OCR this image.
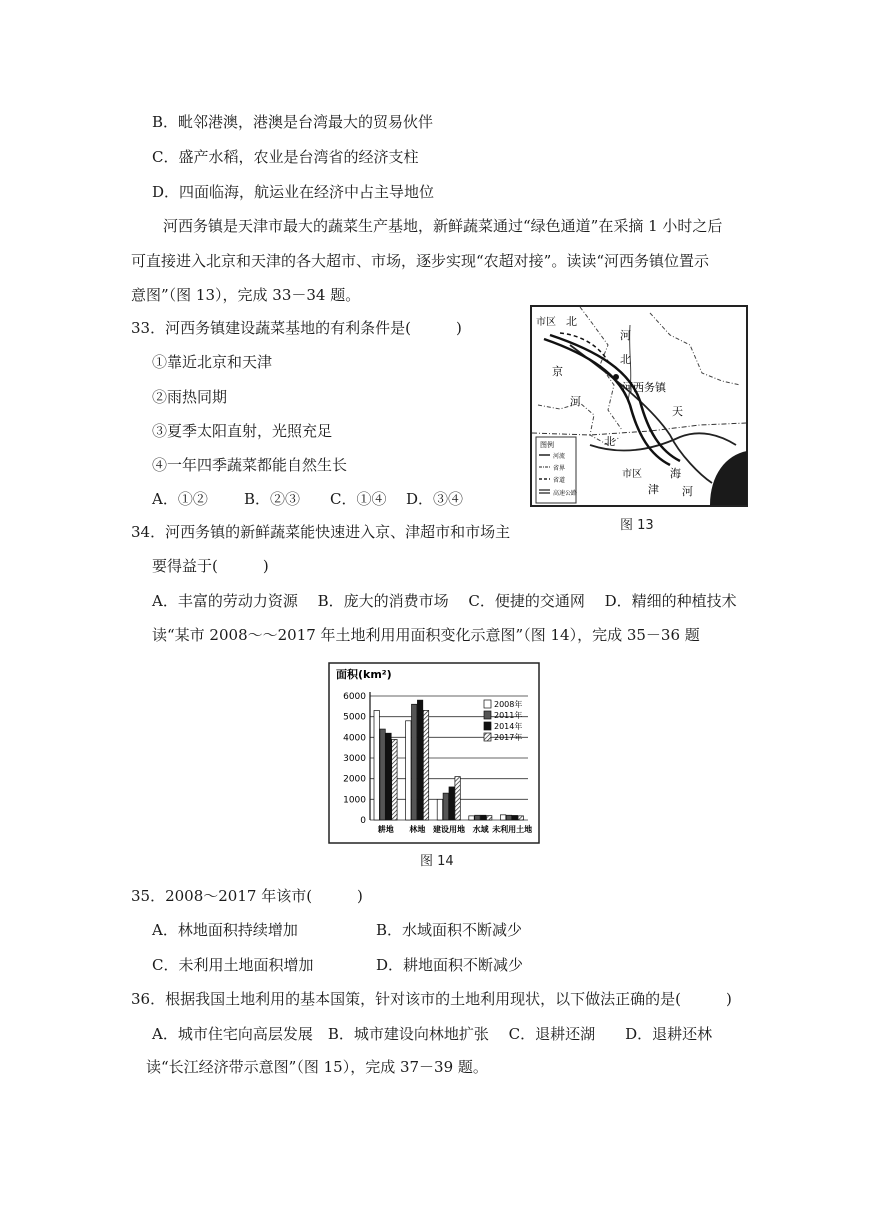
B．毗邻港澳，港澳是台湾最大的贸易伙伴
C．盛产水稻，农业是台湾省的经济支柱
D．四面临海，航运业在经济中占主导地位
河西务镇是天津市最大的蔬菜生产基地，新鲜蔬菜通过“绿色通道”在采摘 1 小时之后
可直接进入北京和天津的各大超市、市场，逐步实现“农超对接”。读读“河西务镇位置示
意图”（图 13），完成 33－34 题。
33．河西务镇建设蔬菜基地的有利条件是(　　　)
①靠近北京和天津
②雨热同期
③夏季太阳直射，光照充足
④一年四季蔬菜都能自然生长
A．①② B．②③ C．①④ D．③④
市区 北
河
北
京
河西务镇
河
天
北
市区
津
海
河
图例
河流
省界
省道
高速公路
图 13
34．河西务镇的新鲜蔬菜能快速进入京、津超市和市场主
要得益于(　　　)
A．丰富的劳动力资源　 B．庞大的消费市场　 C．便捷的交通网　 D．精细的种植技术
读“某市 2008～～2017 年土地利用用面积变化示意图”（图 14），完成 35－36 题
面积(km²)
6000
5000
4000
3000
2000
1000
0
耕地 林地 建设用地 水域 未利用土地
2008年
2011年
2014年
2017年
图 14
35．2008～2017 年该市(　　　)
A．林地面积持续增加	B．水域面积不断减少
C．未利用土地面积增加	D．耕地面积不断减少
36．根据我国土地利用的基本国策，针对该市的土地利用现状，以下做法正确的是(　　　)
A．城市住宅向高层发展　B．城市建设向林地扩张　 C．退耕还湖　　D．退耕还林
读“长江经济带示意图”（图 15），完成 37－39 题。
